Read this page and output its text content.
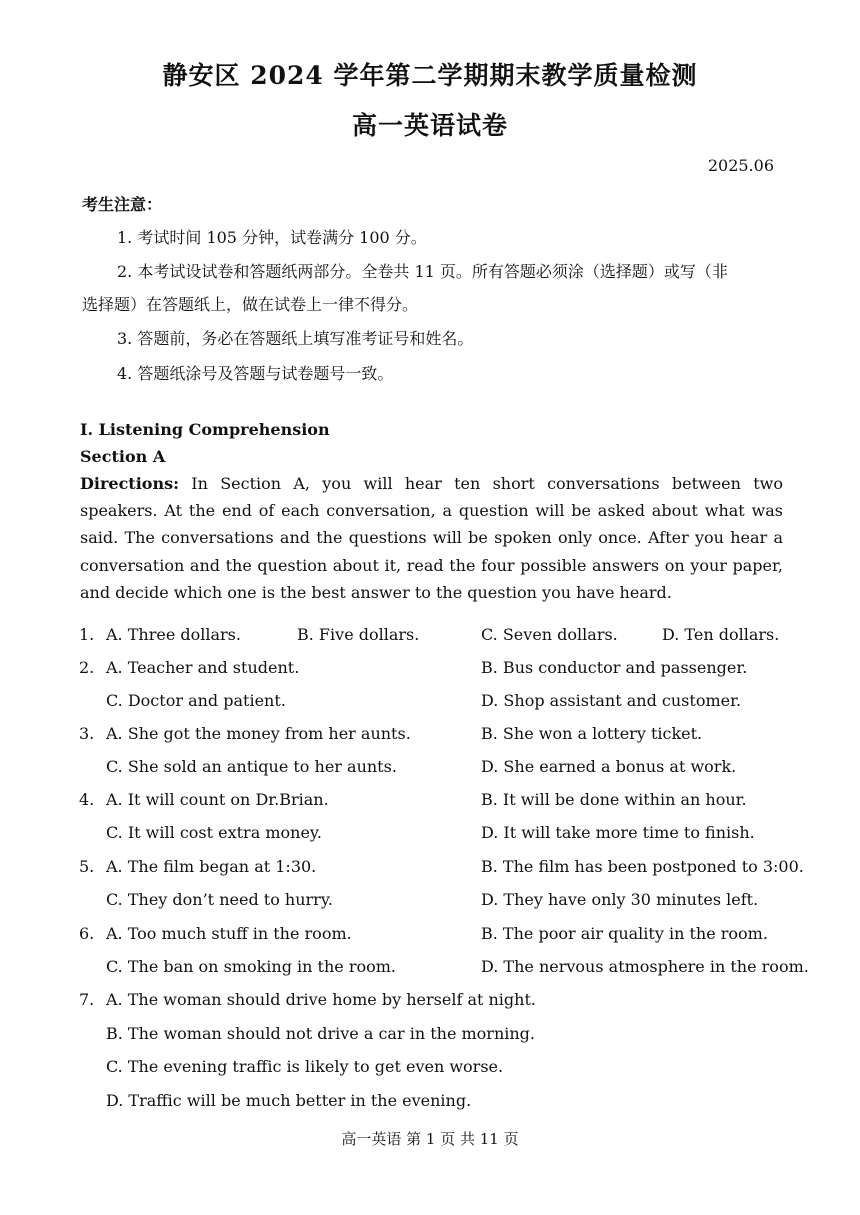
静安区 2024 学年第二学期期末教学质量检测
高一英语试卷
2025.06
考生注意：
1. 考试时间 105 分钟，试卷满分 100 分。
2. 本考试设试卷和答题纸两部分。全卷共 11 页。所有答题必须涂（选择题）或写（非
选择题）在答题纸上，做在试卷上一律不得分。
3. 答题前，务必在答题纸上填写准考证号和姓名。
4. 答题纸涂号及答题与试卷题号一致。
I. Listening Comprehension
Section A
Directions: In Section A, you will hear ten short conversations between two speakers. At the end of each conversation, a question will be asked about what was said. The conversations and the questions will be spoken only once. After you hear a conversation and the question about it, read the four possible answers on your paper, and decide which one is the best answer to the question you have heard.
1. A. Three dollars.	B. Five dollars.	C. Seven dollars.	D. Ten dollars.
2. A. Teacher and student.	B. Bus conductor and passenger.
C. Doctor and patient.	D. Shop assistant and customer.
3. A. She got the money from her aunts.	B. She won a lottery ticket.
C. She sold an antique to her aunts.	D. She earned a bonus at work.
4. A. It will count on Dr.Brian.	B. It will be done within an hour.
C. It will cost extra money.	D. It will take more time to finish.
5. A. The film began at 1:30.	B. The film has been postponed to 3:00.
C. They don’t need to hurry.	D. They have only 30 minutes left.
6. A. Too much stuff in the room.	B. The poor air quality in the room.
C. The ban on smoking in the room.	D. The nervous atmosphere in the room.
7. A. The woman should drive home by herself at night.
B. The woman should not drive a car in the morning.
C. The evening traffic is likely to get even worse.
D. Traffic will be much better in the evening.
高一英语 第 1 页 共 11 页
